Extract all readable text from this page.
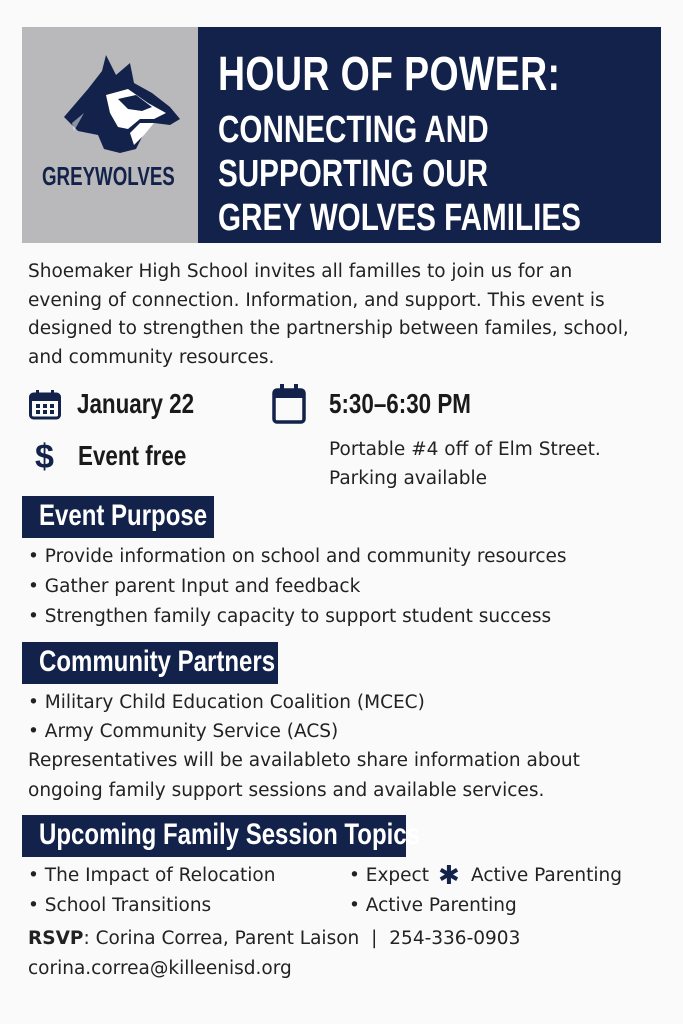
GREYWOLVES
HOUR OF POWER:
CONNECTING AND
SUPPORTING OUR
GREY WOLVES FAMILIES

Shoemaker High School invites all familles to join us for an evening of connection. Information, and support. This event is designed to strengthen the partnership between familes, school, and community resources.

January 22	5:30–6:30 PM
$ Event free	Portable #4 off of Elm Street.
Parking available
Event Purpose
• Provide information on school and community resources
• Gather parent Input and feedback
• Strengthen family capacity to support student success
Community Partners
• Military Child Education Coalition (MCEC)
• Army Community Service (ACS)
Representatives will be availableto share information about
ongoing family support sessions and available services.
Upcoming Family Session Topics
• The Impact of Relocation
• School Transitions
• Expect ✱ Active Parenting
• Active Parenting
RSVP: Corina Correa, Parent Laison | 254-336-0903
corina.correa@killeenisd.org
